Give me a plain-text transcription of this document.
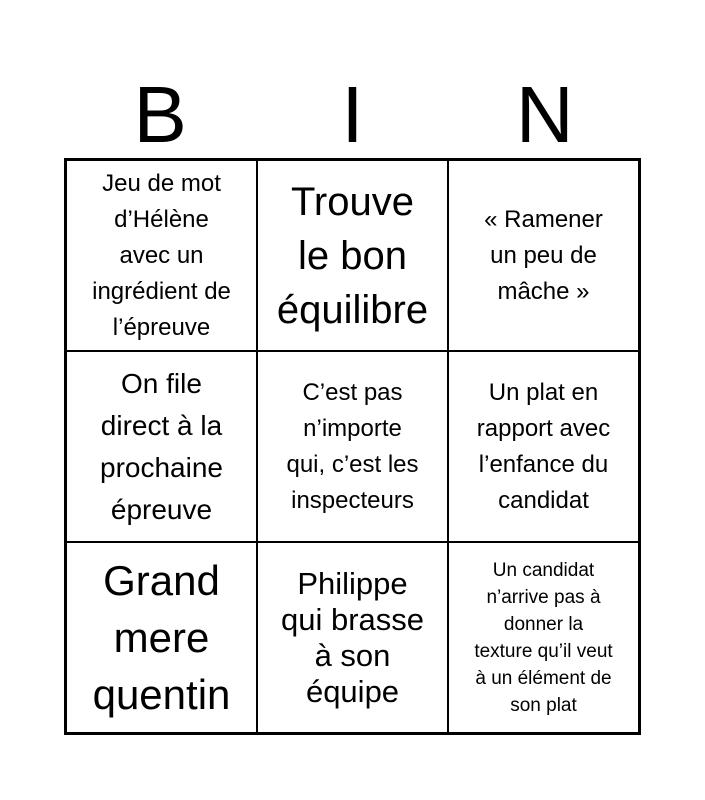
B	I	N
Jeu de mot
d’Hélène
avec un
ingrédient de
l’épreuve
Trouve
le bon
équilibre
« Ramener
un peu de
mâche »
On file
direct à la
prochaine
épreuve
C’est pas
n’importe
qui, c’est les
inspecteurs
Un plat en
rapport avec
l’enfance du
candidat
Grand
mere
quentin
Philippe
qui brasse
à son
équipe
Un candidat
n’arrive pas à
donner la
texture qu’il veut
à un élément de
son plat
